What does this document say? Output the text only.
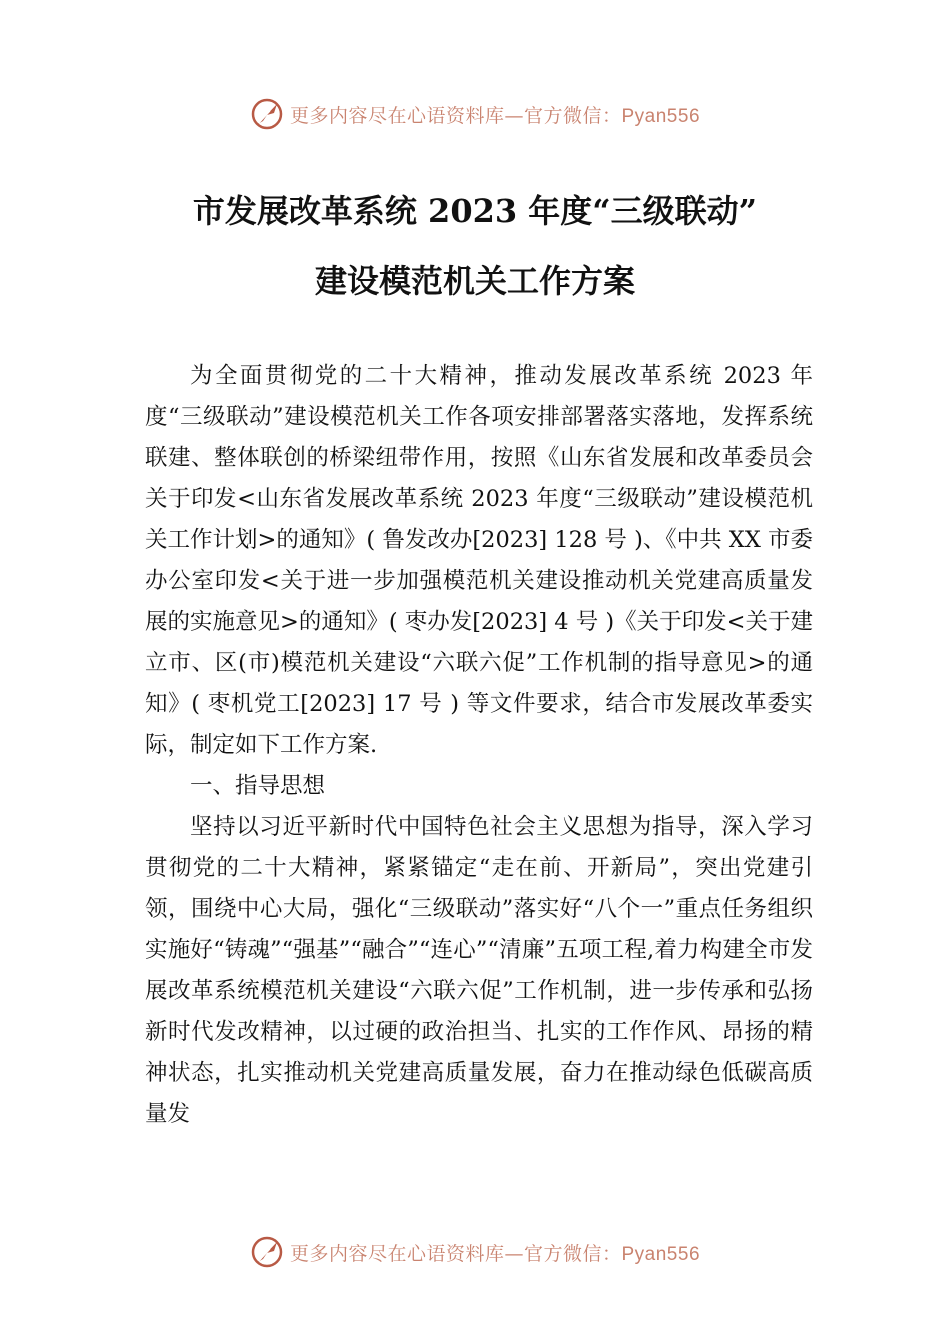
更多内容尽在心语资料库—官方微信：Pyan556
市发展改革系统 2023 年度“三级联动”
建设模范机关工作方案

为全面贯彻党的二十大精神，推动发展改革系统 2023 年度“三级联动”建设模范机关工作各项安排部署落实落地，发挥系统联建、整体联创的桥梁纽带作用，按照《山东省发展和改革委员会关于印发<山东省发展改革系统 2023 年度“三级联动”建设模范机关工作计划>的通知》( 鲁发改办[2023] 128 号 )、《中共 XX 市委办公室印发<关于进一步加强模范机关建设推动机关党建高质量发展的实施意见>的通知》( 枣办发[2023] 4 号 )《关于印发<关于建立市、区(市)模范机关建设“六联六促”工作机制的指导意见>的通知》( 枣机党工[2023] 17 号 ) 等文件要求，结合市发展改革委实际，制定如下工作方案.

一、指导思想

坚持以习近平新时代中国特色社会主义思想为指导，深入学习贯彻党的二十大精神，紧紧锚定“走在前、开新局”，突出党建引领，围绕中心大局，强化“三级联动”落实好“八个一”重点任务组织实施好“铸魂”“强基”“融合”“连心”“清廉”五项工程,着力构建全市发展改革系统模范机关建设“六联六促”工作机制，进一步传承和弘扬新时代发改精神，以过硬的政治担当、扎实的工作作风、昂扬的精神状态，扎实推动机关党建高质量发展，奋力在推动绿色低碳高质量发

更多内容尽在心语资料库—官方微信：Pyan556
